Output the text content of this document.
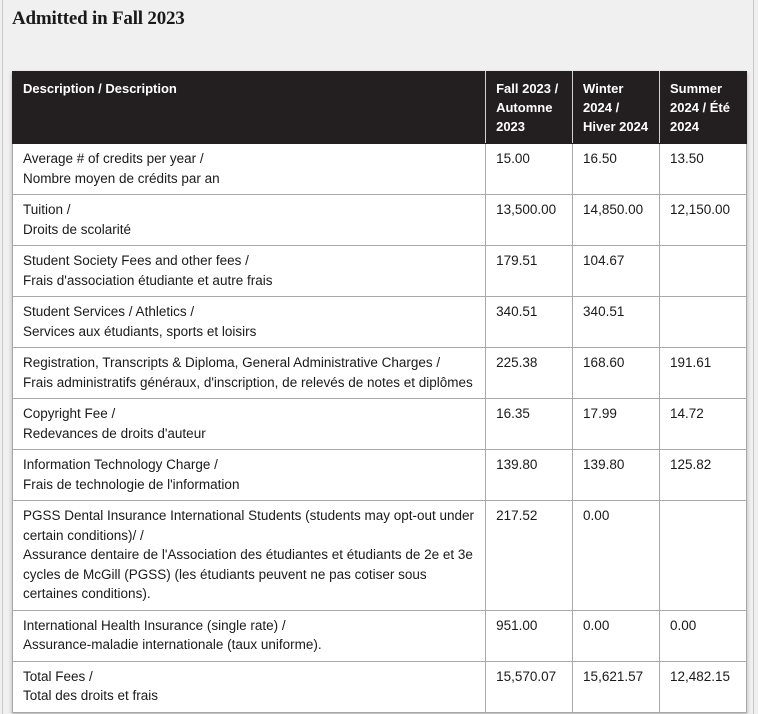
Admitted in Fall 2023
Description / Description	Fall 2023 / Automne 2023	Winter 2024 / Hiver 2024	Summer 2024 / Été 2024

Average # of credits per year /
Nombre moyen de crédits par an	15.00	16.50	13.50

Tuition /
Droits de scolarité	13,500.00	14,850.00	12,150.00

Student Society Fees and other fees /
Frais d'association étudiante et autre frais	179.51	104.67	

Student Services / Athletics /
Services aux étudiants, sports et loisirs	340.51	340.51	

Registration, Transcripts & Diploma, General Administrative Charges /
Frais administratifs généraux, d'inscription, de relevés de notes et diplômes	225.38	168.60	191.61

Copyright Fee /
Redevances de droits d'auteur	16.35	17.99	14.72

Information Technology Charge /
Frais de technologie de l'information	139.80	139.80	125.82

PGSS Dental Insurance International Students (students may opt-out under certain conditions)/ /
Assurance dentaire de l'Association des étudiantes et étudiants de 2e et 3e cycles de McGill (PGSS) (les étudiants peuvent ne pas cotiser sous certaines conditions).	217.52	0.00	

International Health Insurance (single rate) /
Assurance-maladie internationale (taux uniforme).	951.00	0.00	0.00

Total Fees /
Total des droits et frais	15,570.07	15,621.57	12,482.15
